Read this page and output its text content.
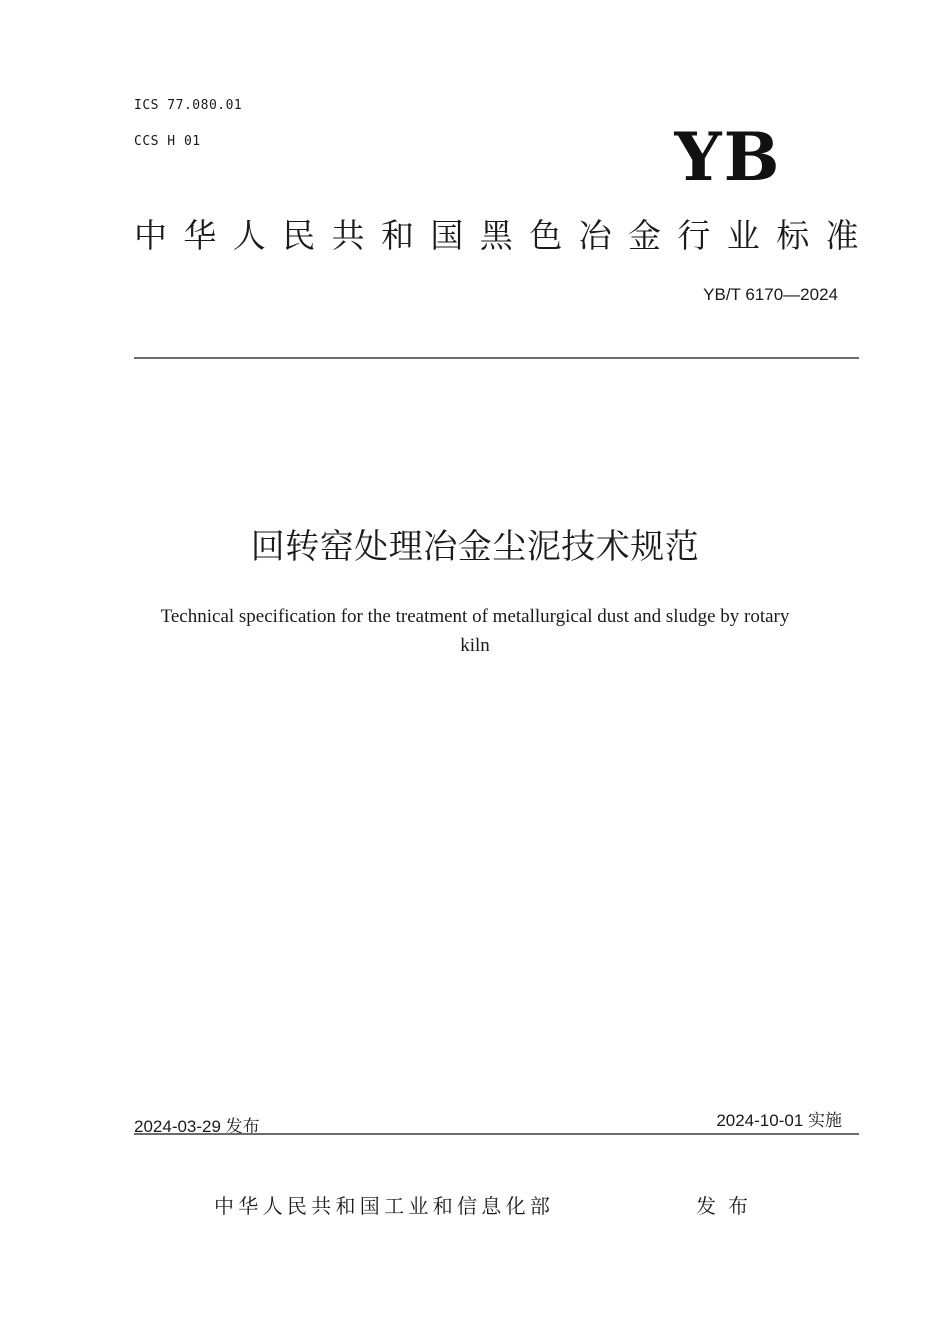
ICS 77.080.01
CCS H 01	YB
中华人民共和国黑色冶金行业标准
YB/T 6170—2024
回转窑处理冶金尘泥技术规范
Technical specification for the treatment of metallurgical dust and sludge by rotary
kiln
2024-03-29 发布	2024-10-01 实施
中华人民共和国工业和信息化部	发布
